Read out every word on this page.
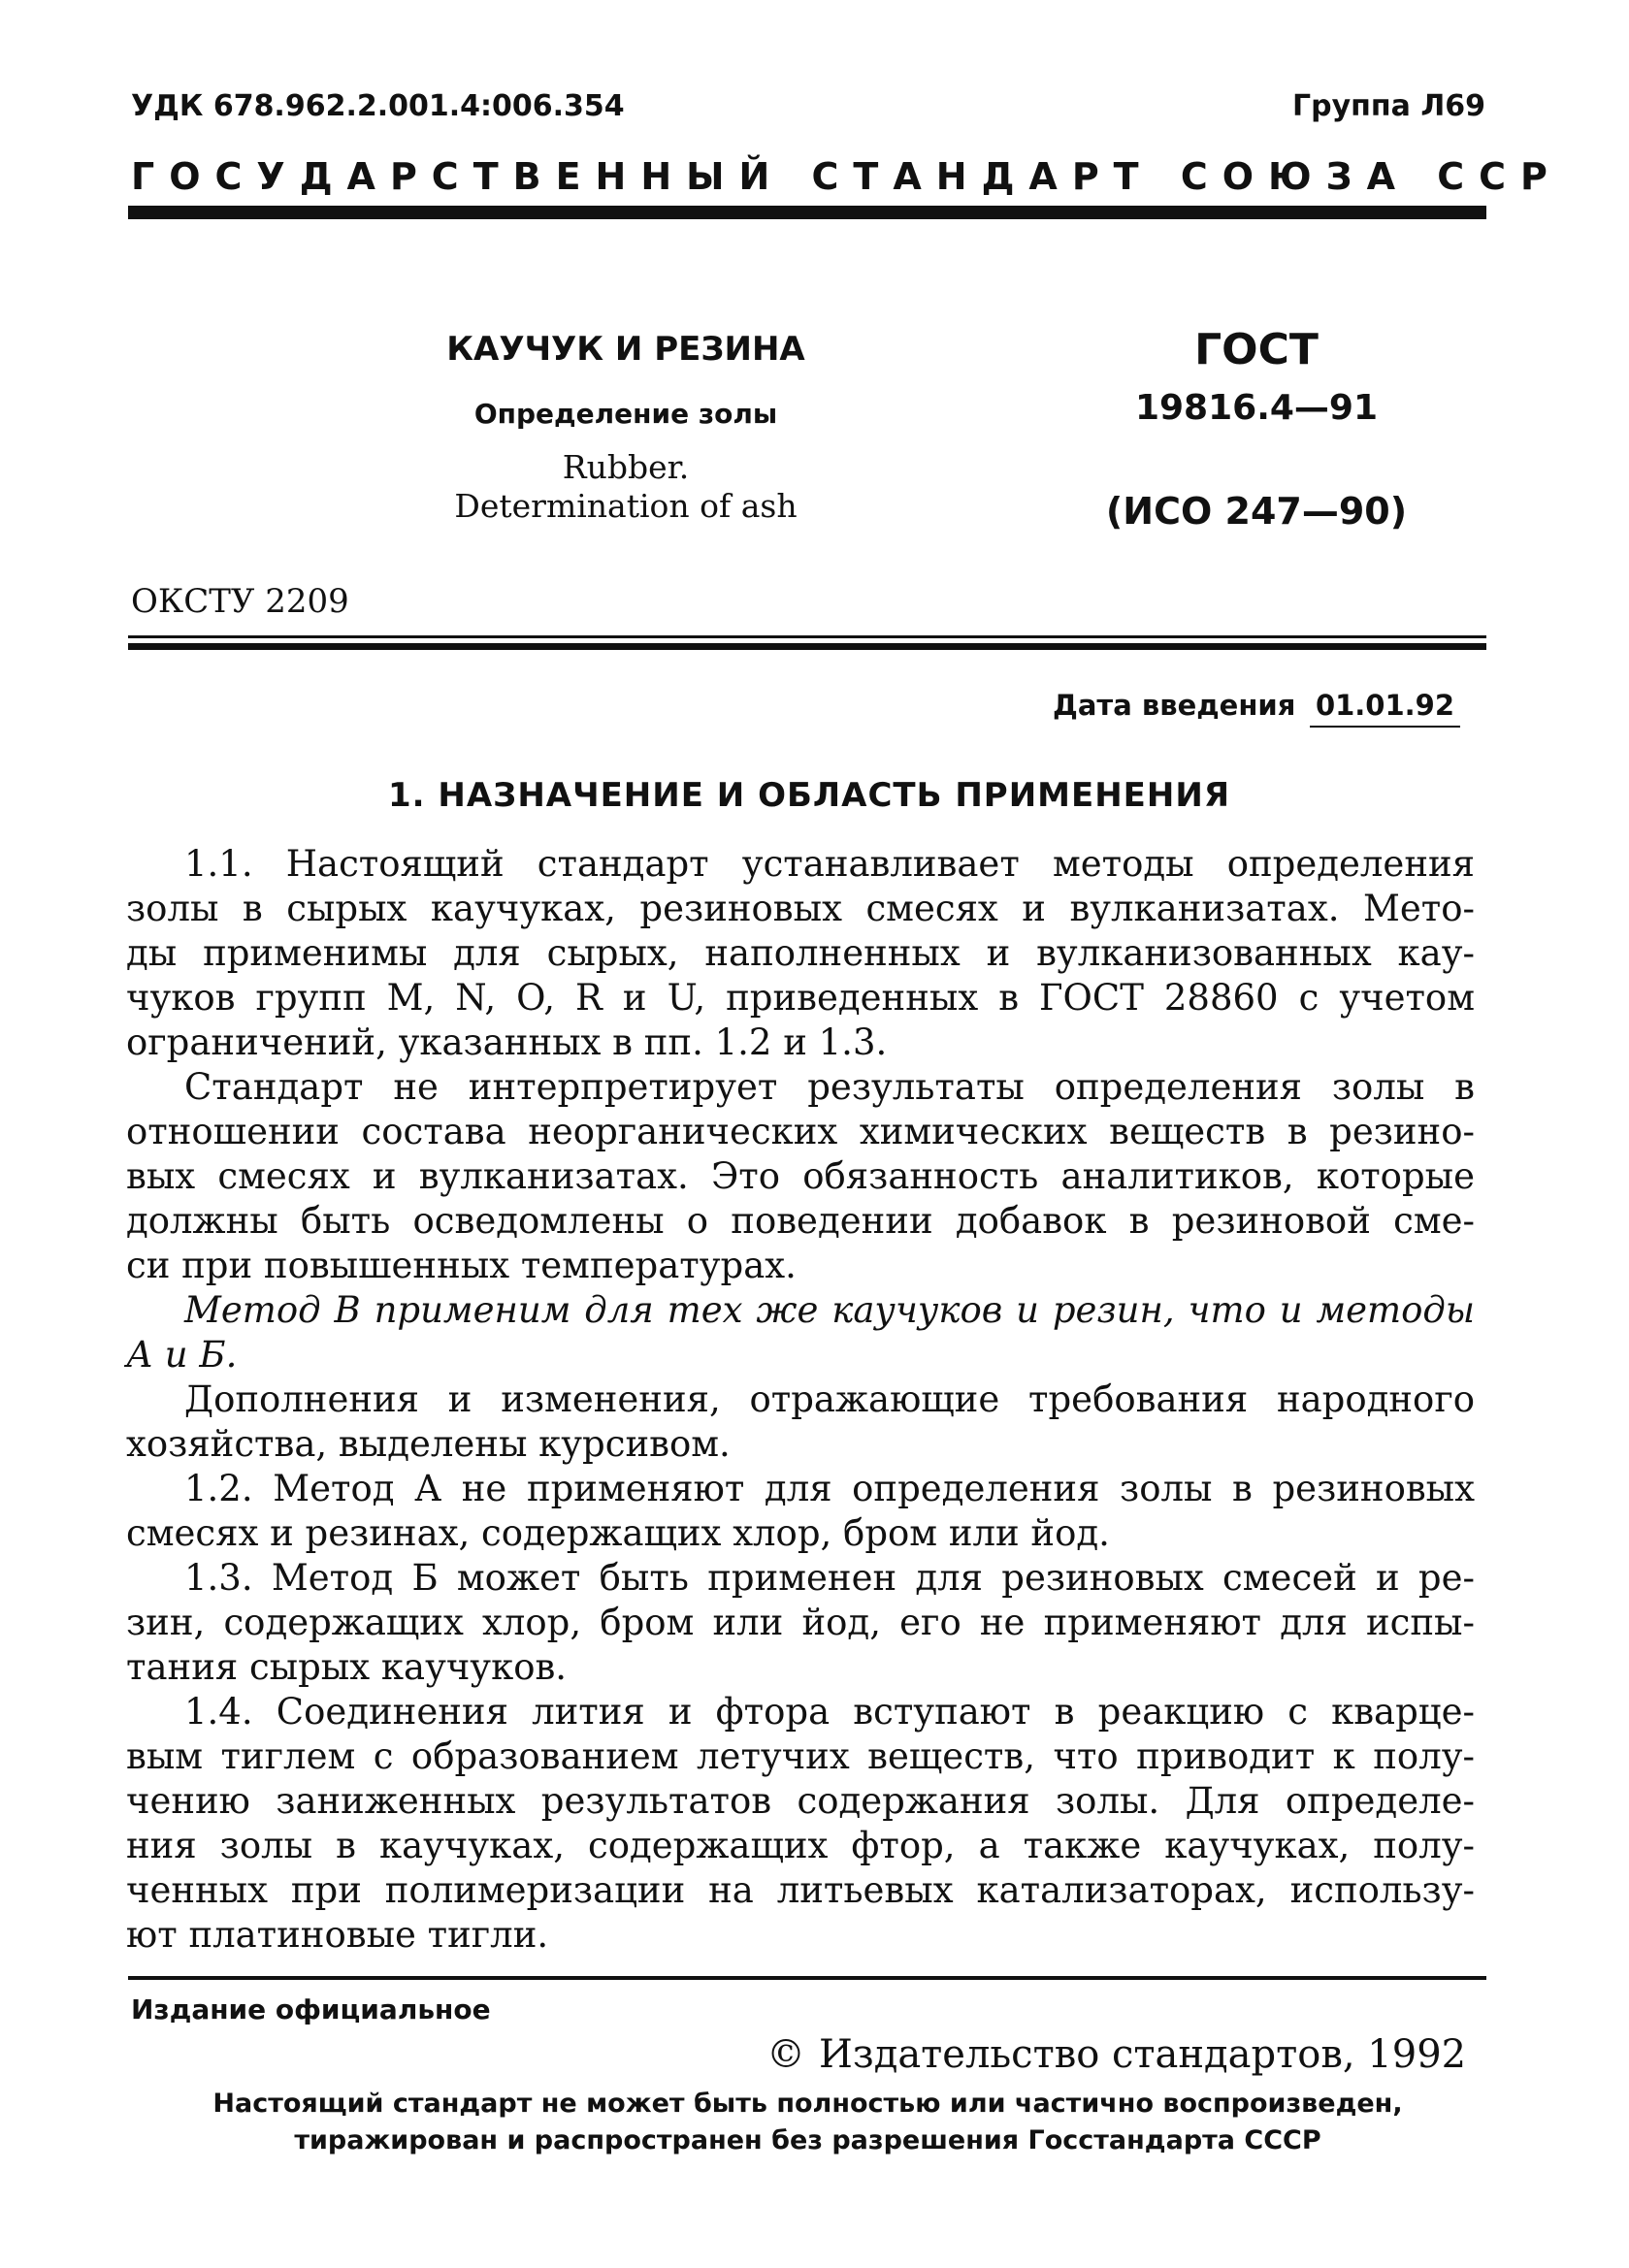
УДК 678.962.2.001.4:006.354	Группа Л69
ГОСУДАРСТВЕННЫЙ СТАНДАРТ СОЮЗА ССР
КАУЧУК И РЕЗИНА
Определение золы
Rubber.
Determination of ash
ГОСТ
19816.4—91
(ИСО 247—90)
ОКСТУ 2209
Дата введения 01.01.92
1. НАЗНАЧЕНИЕ И ОБЛАСТЬ ПРИМЕНЕНИЯ
1.1. Настоящий стандарт устанавливает методы определения
золы в сырых каучуках, резиновых смесях и вулканизатах. Мето-
ды применимы для сырых, наполненных и вулканизованных кау-
чуков групп M, N, O, R и U, приведенных в ГОСТ 28860 с учетом
ограничений, указанных в пп. 1.2 и 1.3.
Стандарт не интерпретирует результаты определения золы в
отношении состава неорганических химических веществ в резино-
вых смесях и вулканизатах. Это обязанность аналитиков, которые
должны быть осведомлены о поведении добавок в резиновой сме-
си при повышенных температурах.
Метод В применим для тех же каучуков и резин, что и методы
А и Б.
Дополнения и изменения, отражающие требования народного
хозяйства, выделены курсивом.
1.2. Метод А не применяют для определения золы в резиновых
смесях и резинах, содержащих хлор, бром или йод.
1.3. Метод Б может быть применен для резиновых смесей и ре-
зин, содержащих хлор, бром или йод, его не применяют для испы-
тания сырых каучуков.
1.4. Соединения лития и фтора вступают в реакцию с кварце-
вым тиглем с образованием летучих веществ, что приводит к полу-
чению заниженных результатов содержания золы. Для определе-
ния золы в каучуках, содержащих фтор, а также каучуках, полу-
ченных при полимеризации на литьевых катализаторах, использу-
ют платиновые тигли.
Издание официальное
© Издательство стандартов, 1992
Настоящий стандарт не может быть полностью или частично воспроизведен,
тиражирован и распространен без разрешения Госстандарта СССР
